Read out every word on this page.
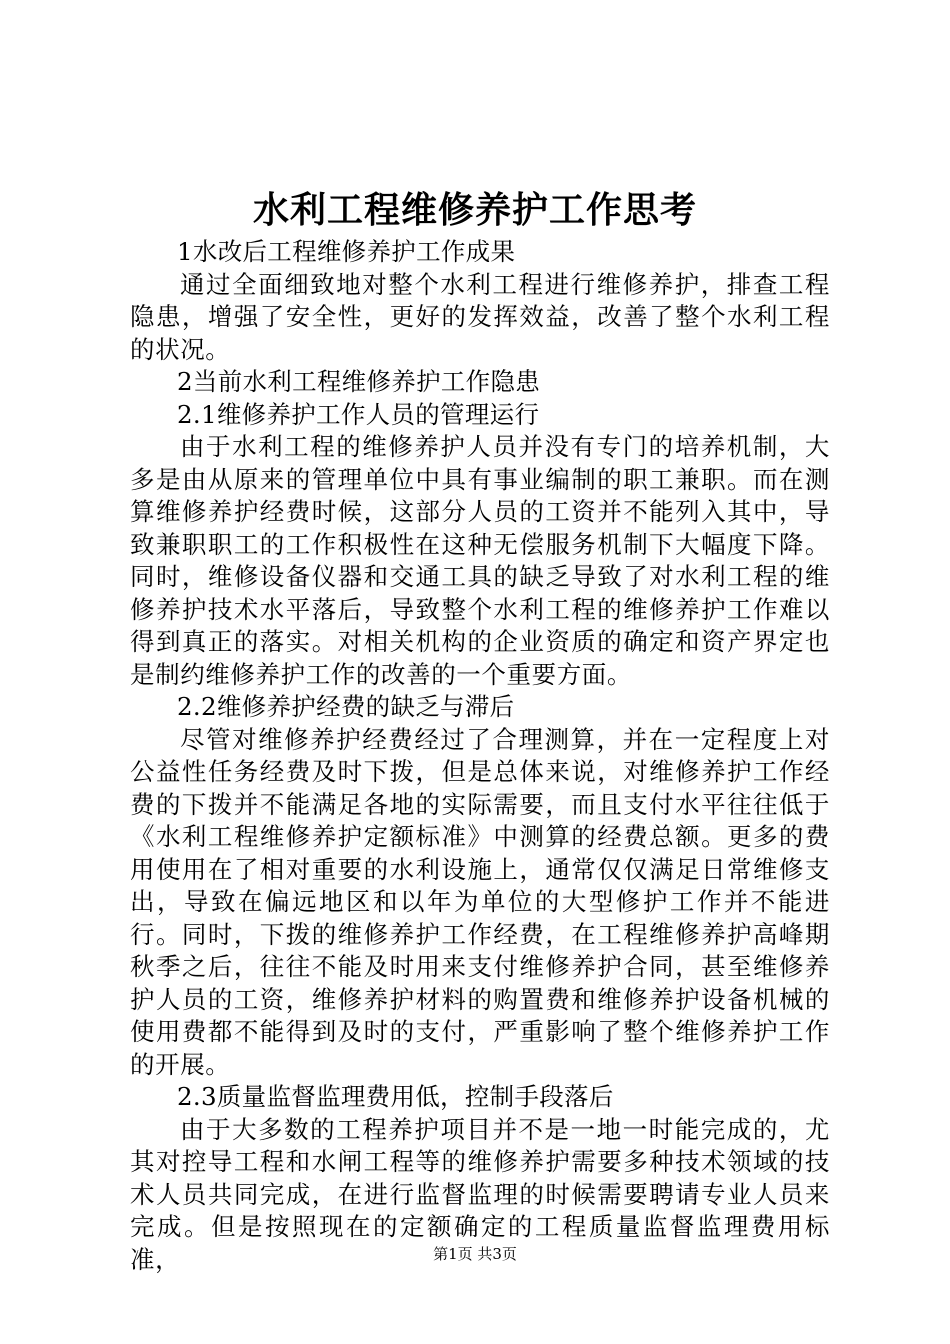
水利工程维修养护工作思考

1水改后工程维修养护工作成果

通过全面细致地对整个水利工程进行维修养护，排查工程隐患，增强了安全性，更好的发挥效益，改善了整个水利工程的状况。

2当前水利工程维修养护工作隐患

2.1维修养护工作人员的管理运行

由于水利工程的维修养护人员并没有专门的培养机制，大多是由从原来的管理单位中具有事业编制的职工兼职。而在测算维修养护经费时候，这部分人员的工资并不能列入其中，导致兼职职工的工作积极性在这种无偿服务机制下大幅度下降。同时，维修设备仪器和交通工具的缺乏导致了对水利工程的维修养护技术水平落后，导致整个水利工程的维修养护工作难以得到真正的落实。对相关机构的企业资质的确定和资产界定也是制约维修养护工作的改善的一个重要方面。

2.2维修养护经费的缺乏与滞后

尽管对维修养护经费经过了合理测算，并在一定程度上对公益性任务经费及时下拨，但是总体来说，对维修养护工作经费的下拨并不能满足各地的实际需要，而且支付水平往往低于《水利工程维修养护定额标准》中测算的经费总额。更多的费用使用在了相对重要的水利设施上，通常仅仅满足日常维修支出，导致在偏远地区和以年为单位的大型修护工作并不能进行。同时，下拨的维修养护工作经费，在工程维修养护高峰期秋季之后，往往不能及时用来支付维修养护合同，甚至维修养护人员的工资，维修养护材料的购置费和维修养护设备机械的使用费都不能得到及时的支付，严重影响了整个维修养护工作的开展。

2.3质量监督监理费用低，控制手段落后

由于大多数的工程养护项目并不是一地一时能完成的，尤其对控导工程和水闸工程等的维修养护需要多种技术领域的技术人员共同完成，在进行监督监理的时候需要聘请专业人员来完成。但是按照现在的定额确定的工程质量监督监理费用标准，	第1页 共3页
